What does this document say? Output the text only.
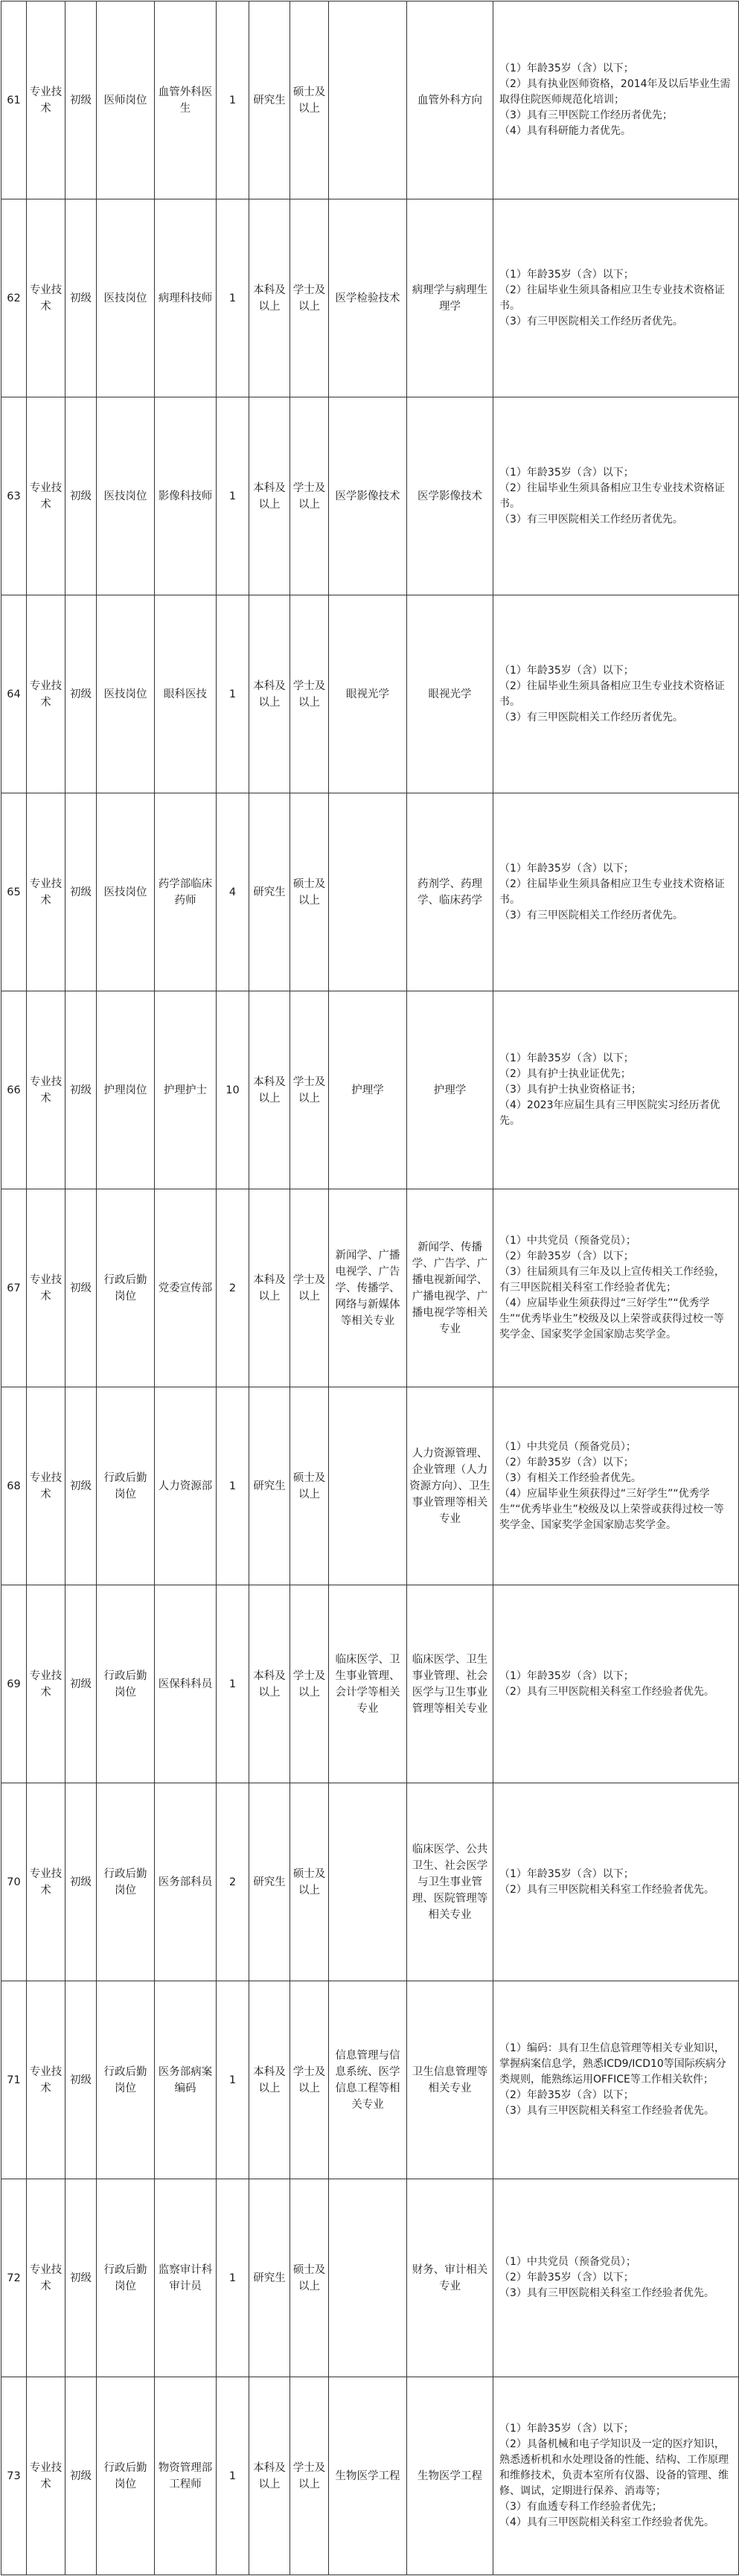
61	专业技术	初级	医师岗位	血管外科医生	1	研究生	硕士及以上		血管外科方向	（1）年龄35岁（含）以下；
（2）具有执业医师资格，2014年及以后毕业生需取得住院医师规范化培训；
（3）具有三甲医院工作经历者优先；
（4）具有科研能力者优先。

62	专业技术	初级	医技岗位	病理科技师	1	本科及以上	学士及以上	医学检验技术	病理学与病理生理学	（1）年龄35岁（含）以下；
（2）往届毕业生须具备相应卫生专业技术资格证书。
（3）有三甲医院相关工作经历者优先。

63	专业技术	初级	医技岗位	影像科技师	1	本科及以上	学士及以上	医学影像技术	医学影像技术	（1）年龄35岁（含）以下；
（2）往届毕业生须具备相应卫生专业技术资格证书。
（3）有三甲医院相关工作经历者优先。

64	专业技术	初级	医技岗位	眼科医技	1	本科及以上	学士及以上	眼视光学	眼视光学	（1）年龄35岁（含）以下；
（2）往届毕业生须具备相应卫生专业技术资格证书。
（3）有三甲医院相关工作经历者优先。

65	专业技术	初级	医技岗位	药学部临床药师	4	研究生	硕士及以上		药剂学、药理学、临床药学	（1）年龄35岁（含）以下；
（2）往届毕业生须具备相应卫生专业技术资格证书。
（3）有三甲医院相关工作经历者优先。

66	专业技术	初级	护理岗位	护理护士	10	本科及以上	学士及以上	护理学	护理学	（1）年龄35岁（含）以下；
（2）具有护士执业证优先；
（3）具有护士执业资格证书；
（4）2023年应届生具有三甲医院实习经历者优先。

67	专业技术	初级	行政后勤岗位	党委宣传部	2	本科及以上	学士及以上	新闻学、广播电视学、广告学、传播学、网络与新媒体等相关专业	新闻学、传播学、广告学、广播电视新闻学、广播电视学、广播电视学等相关专业	（1）中共党员（预备党员）；
（2）年龄35岁（含）以下；
（3）往届须具有三年及以上宣传相关工作经验，有三甲医院相关科室工作经验者优先；
（4）应届毕业生须获得过“三好学生”“优秀学生”“优秀毕业生”校级及以上荣誉或获得过校一等奖学金、国家奖学金国家励志奖学金。

68	专业技术	初级	行政后勤岗位	人力资源部	1	研究生	硕士及以上		人力资源管理、企业管理（人力资源方向）、卫生事业管理等相关专业	（1）中共党员（预备党员）；
（2）年龄35岁（含）以下；
（3）有相关工作经验者优先。
（4）应届毕业生须获得过“三好学生”“优秀学生”“优秀毕业生”校级及以上荣誉或获得过校一等奖学金、国家奖学金国家励志奖学金。

69	专业技术	初级	行政后勤岗位	医保科科员	1	本科及以上	学士及以上	临床医学、卫生事业管理、会计学等相关专业	临床医学、卫生事业管理、社会医学与卫生事业管理等相关专业	（1）年龄35岁（含）以下；
（2）具有三甲医院相关科室工作经验者优先。

70	专业技术	初级	行政后勤岗位	医务部科员	2	研究生	硕士及以上		临床医学、公共卫生、社会医学与卫生事业管理、医院管理等相关专业	（1）年龄35岁（含）以下；
（2）具有三甲医院相关科室工作经验者优先。

71	专业技术	初级	行政后勤岗位	医务部病案编码	1	本科及以上	学士及以上	信息管理与信息系统、医学信息工程等相关专业	卫生信息管理等相关专业	（1）编码：具有卫生信息管理等相关专业知识，掌握病案信息学，熟悉ICD9/ICD10等国际疾病分类规则，能熟练运用OFFICE等工作相关软件；
（2）年龄35岁（含）以下；
（3）具有三甲医院相关科室工作经验者优先。

72	专业技术	初级	行政后勤岗位	监察审计科审计员	1	研究生	硕士及以上		财务、审计相关专业	（1）中共党员（预备党员）；
（2）年龄35岁（含）以下；
（3）具有三甲医院相关科室工作经验者优先。

73	专业技术	初级	行政后勤岗位	物资管理部工程师	1	本科及以上	学士及以上	生物医学工程	生物医学工程	（1）年龄35岁（含）以下；
（2）具备机械和电子学知识及一定的医疗知识，熟悉透析机和水处理设备的性能、结构、工作原理和维修技术，负责本室所有仪器、设备的管理、维修、调试，定期进行保养、消毒等；
（3）有血透专科工作经验者优先；
（4）具有三甲医院相关科室工作经验者优先。
